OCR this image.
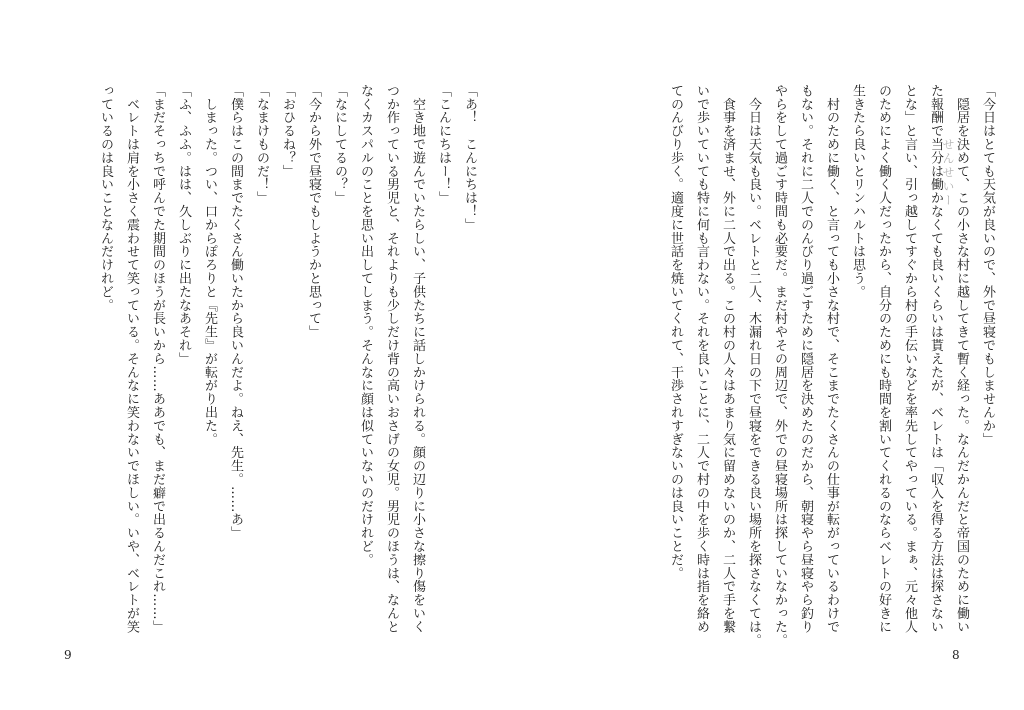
「あ！　こんにちは！」

「こんにちはー！」

　空き地で遊んでいたらしい、子供たちに話しかけられる。顔の辺りに小さな擦り傷をいく

つか作っている男児と、それよりも少しだけ背の高いおさげの女児。男児のほうは、なんと

なくカスパルのことを思い出してしまう。そんなに顔は似ていないのだけれど。

「なにしてるの？」

「今から外で昼寝でもしようかと思って」

「おひるね？」

「なまけものだ！」

「僕らはこの間までたくさん働いたから良いんだよ。ねえ、先生。……あ」

　しまった。つい、口からぽろりと『先生』が転がり出た。

「ふ、ふふ。はは、久しぶりに出たなあそれ」

「まだそっちで呼んでた期間のほうが長いから……ああでも、まだ癖で出るんだこれ……」

　ベレトは肩を小さく震わせて笑っている。そんなに笑わないでほしい。いや、ベレトが笑

っているのは良いことなんだけれど。

9

「今日はとても天気が良いので、外で昼寝でもしませんか」

　隠居を決めて、この小さな村に越してきて暫く経った。なんだかんだと帝国のために働い

た報酬で当分は働かなくても良いくらいは貰えたが、ベレトは「収入を得る方法は探さない

とな」と言い、引っ越してすぐから村の手伝いなどを率先してやっている。まぁ、元々他人

のためによく働く人だったから、自分のためにも時間を割いてくれるのならベレトの好きに

生きたら良いとリンハルトは思う。

　村のために働く、と言っても小さな村で、そこまでたくさんの仕事が転がっているわけで

もない。それに二人でのんびり過ごすために隠居を決めたのだから、朝寝やら昼寝やら釣り

やらをして過ごす時間も必要だ。まだ村やその周辺で、外での昼寝場所は探していなかった。

　今日は天気も良い。ベレトと二人、木漏れ日の下で昼寝をできる良い場所を探さなくては。

　食事を済ませ、外に二人で出る。この村の人々はあまり気に留めないのか、二人で手を繋

いで歩いていても特に何も言わない。それを良いことに、二人で村の中を歩く時は指を絡め

てのんびり歩く。適度に世話を焼いてくれて、干渉されすぎないのは良いことだ。

8
せんせいー
